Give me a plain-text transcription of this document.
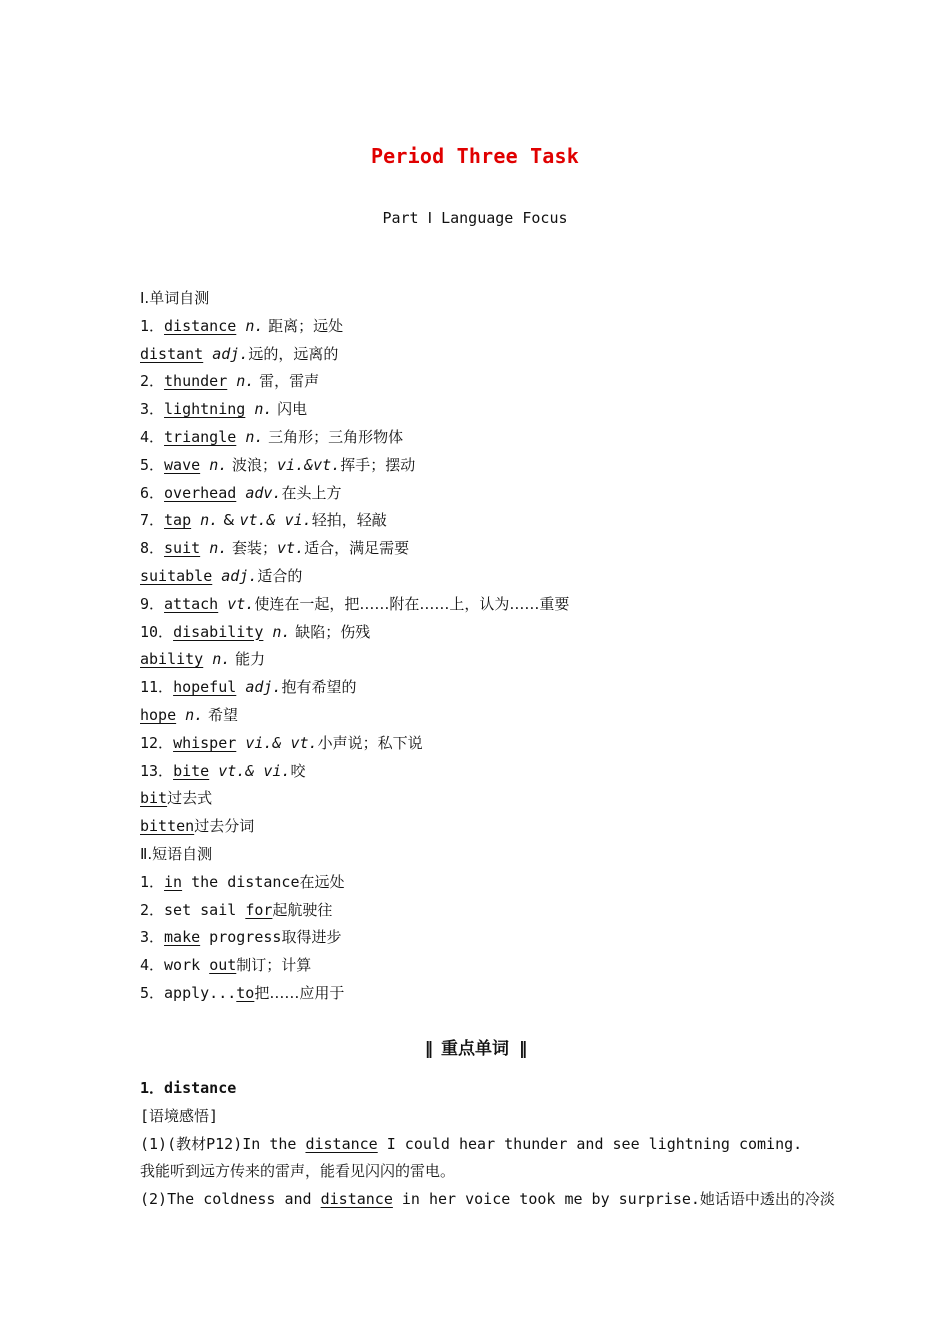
Period Three Task
Part Ⅰ Language Focus
Ⅰ.单词自测
1．distance n. 距离；远处
distant adj.远的，远离的
2．thunder n. 雷，雷声
3．lightning n. 闪电
4．triangle n. 三角形；三角形物体
5．wave n. 波浪；vi.&vt.挥手；摆动
6．overhead adv.在头上方
7．tap n. & vt.& vi.轻拍，轻敲
8．suit n. 套装；vt.适合，满足需要
suitable adj.适合的
9．attach vt.使连在一起，把……附在……上，认为……重要
10．disability n. 缺陷；伤残
ability n. 能力
11．hopeful adj.抱有希望的
hope n. 希望
12．whisper vi.& vt.小声说；私下说
13．bite vt.& vi.咬
bit过去式
bitten过去分词
Ⅱ.短语自测
1．in the distance在远处
2．set sail for起航驶往
3．make progress取得进步
4．work out制订；计算
5．apply...to把……应用于
‖ 重点单词 ‖
1．distance
[语境感悟]
(1)(教材P12)In the distance I could hear thunder and see lightning coming.
我能听到远方传来的雷声，能看见闪闪的雷电。
(2)The coldness and distance in her voice took me by surprise.她话语中透出的冷淡
